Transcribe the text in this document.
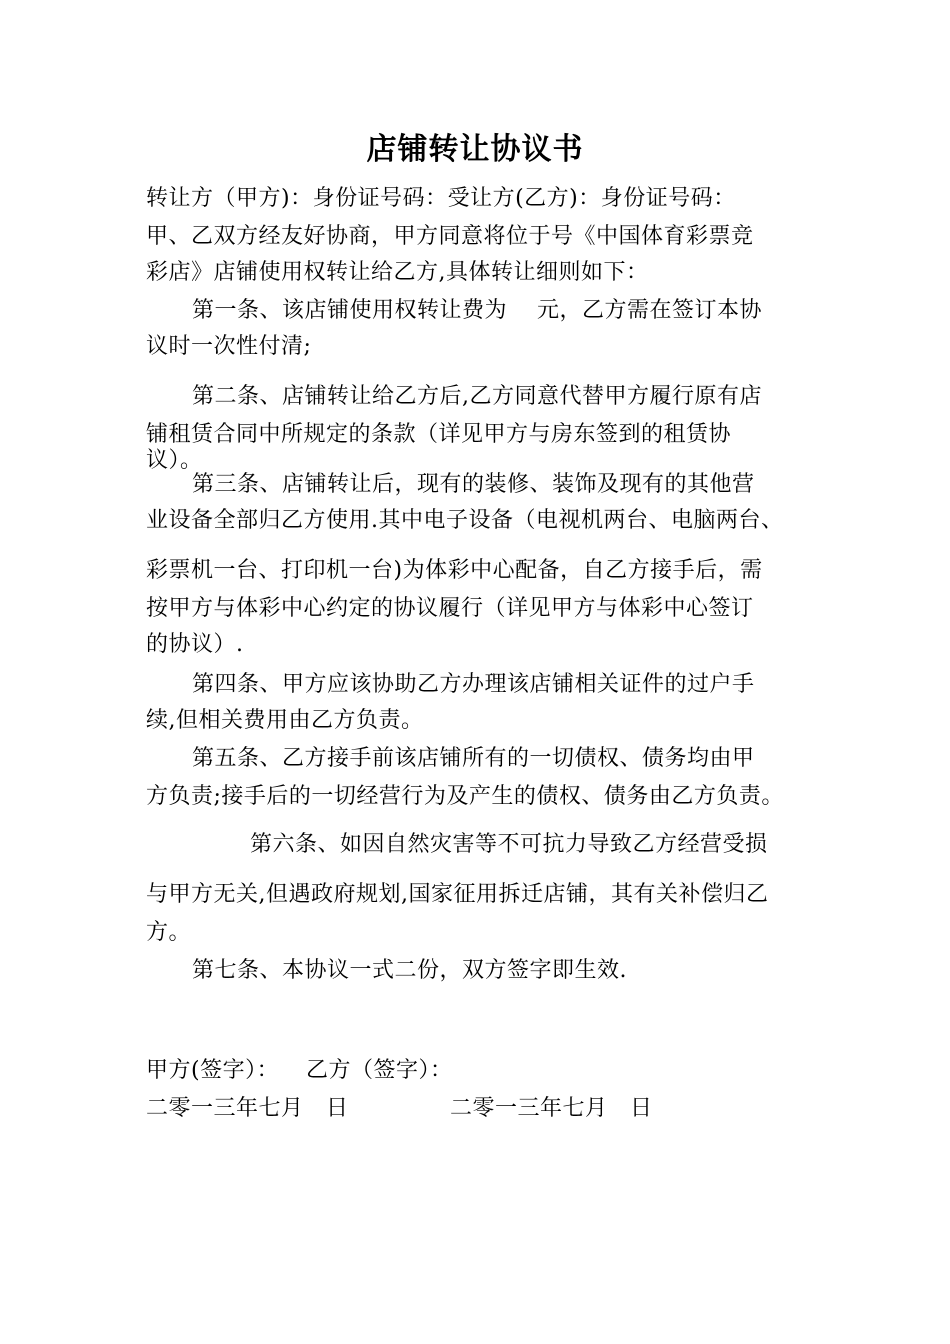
店铺转让协议书
转让方（甲方)：身份证号码：受让方(乙方)：身份证号码：
甲、乙双方经友好协商，甲方同意将位于号《中国体育彩票竞
彩店》店铺使用权转让给乙方,具体转让细则如下：
第一条、该店铺使用权转让费为　 元，乙方需在签订本协
议时一次性付清;
第二条、店铺转让给乙方后,乙方同意代替甲方履行原有店
铺租赁合同中所规定的条款（详见甲方与房东签到的租赁协
议）。
第三条、店铺转让后，现有的装修、装饰及现有的其他营
业设备全部归乙方使用.其中电子设备（电视机两台、电脑两台、
彩票机一台、打印机一台)为体彩中心配备，自乙方接手后，需
按甲方与体彩中心约定的协议履行（详见甲方与体彩中心签订
的协议）.
第四条、甲方应该协助乙方办理该店铺相关证件的过户手
续,但相关费用由乙方负责。
第五条、乙方接手前该店铺所有的一切债权、债务均由甲
方负责;接手后的一切经营行为及产生的债权、债务由乙方负责。
第六条、如因自然灾害等不可抗力导致乙方经营受损
与甲方无关,但遇政府规划,国家征用拆迁店铺，其有关补偿归乙
方。
第七条、本协议一式二份，双方签字即生效.
甲方(签字）： 乙方（签字）：
二零一三年七月　日	二零一三年七月　日
